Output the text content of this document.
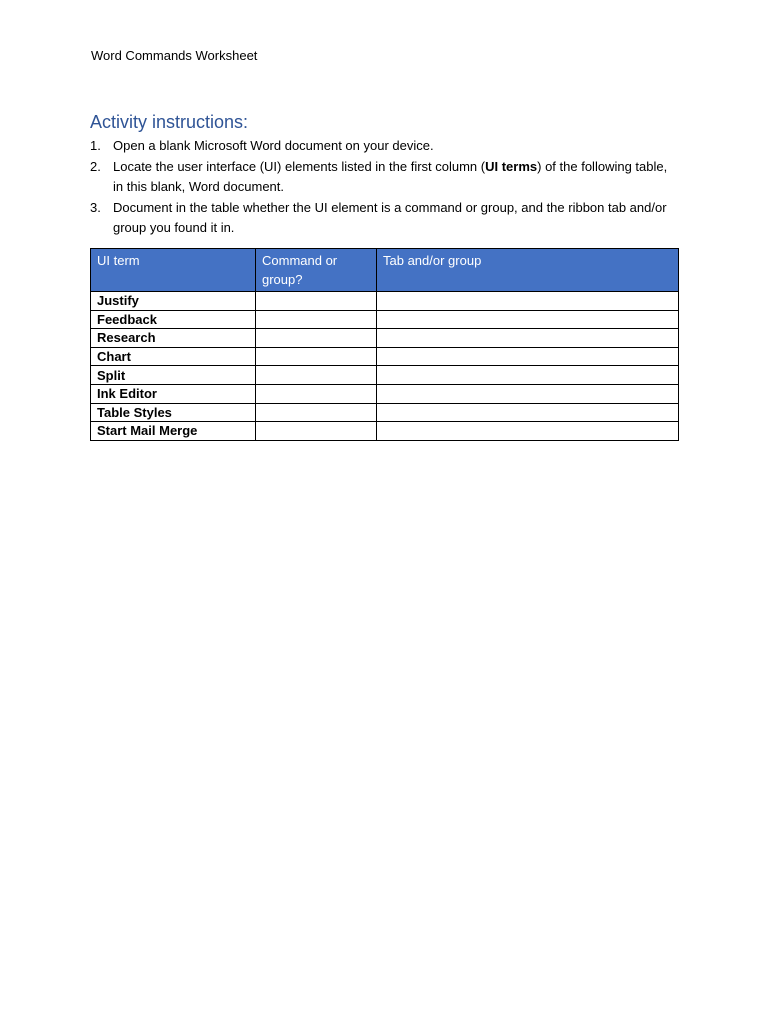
Word Commands Worksheet
Activity instructions:
1. Open a blank Microsoft Word document on your device.
2. Locate the user interface (UI) elements listed in the first column (UI terms) of the following table, in this blank, Word document.
3. Document in the table whether the UI element is a command or group, and the ribbon tab and/or group you found it in.
UI term	Command or group?	Tab and/or group
Justify		
Feedback		
Research		
Chart		
Split		
Ink Editor		
Table Styles		
Start Mail Merge		
